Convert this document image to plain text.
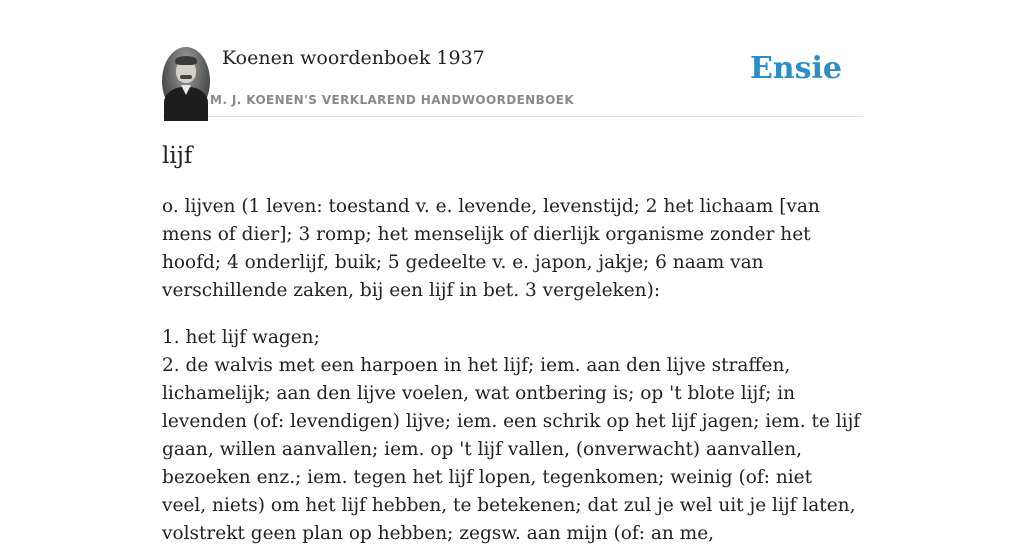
Koenen woordenboek 1937
M. J. KOENEN'S VERKLAREND HANDWOORDENBOEK
Ensie
lijf

o. lijven (1 leven: toestand v. e. levende, levenstijd; 2 het lichaam [van mens of dier]; 3 romp; het menselijk of dierlijk organisme zonder het hoofd; 4 onderlijf, buik; 5 gedeelte v. e. japon, jakje; 6 naam van verschillende zaken, bij een lijf in bet. 3 vergeleken):

1. het lijf wagen;
2. de walvis met een harpoen in het lijf; iem. aan den lijve straffen, lichamelijk; aan den lijve voelen, wat ontbering is; op 't blote lijf; in levenden (of: levendigen) lijve; iem. een schrik op het lijf jagen; iem. te lijf gaan, willen aanvallen; iem. op 't lijf vallen, (onverwacht) aanvallen, bezoeken enz.; iem. tegen het lijf lopen, tegenkomen; weinig (of: niet veel, niets) om het lijf hebben, te betekenen; dat zul je wel uit je lijf laten, volstrekt geen plan op hebben; zegsw. aan mijn (of: an me,
